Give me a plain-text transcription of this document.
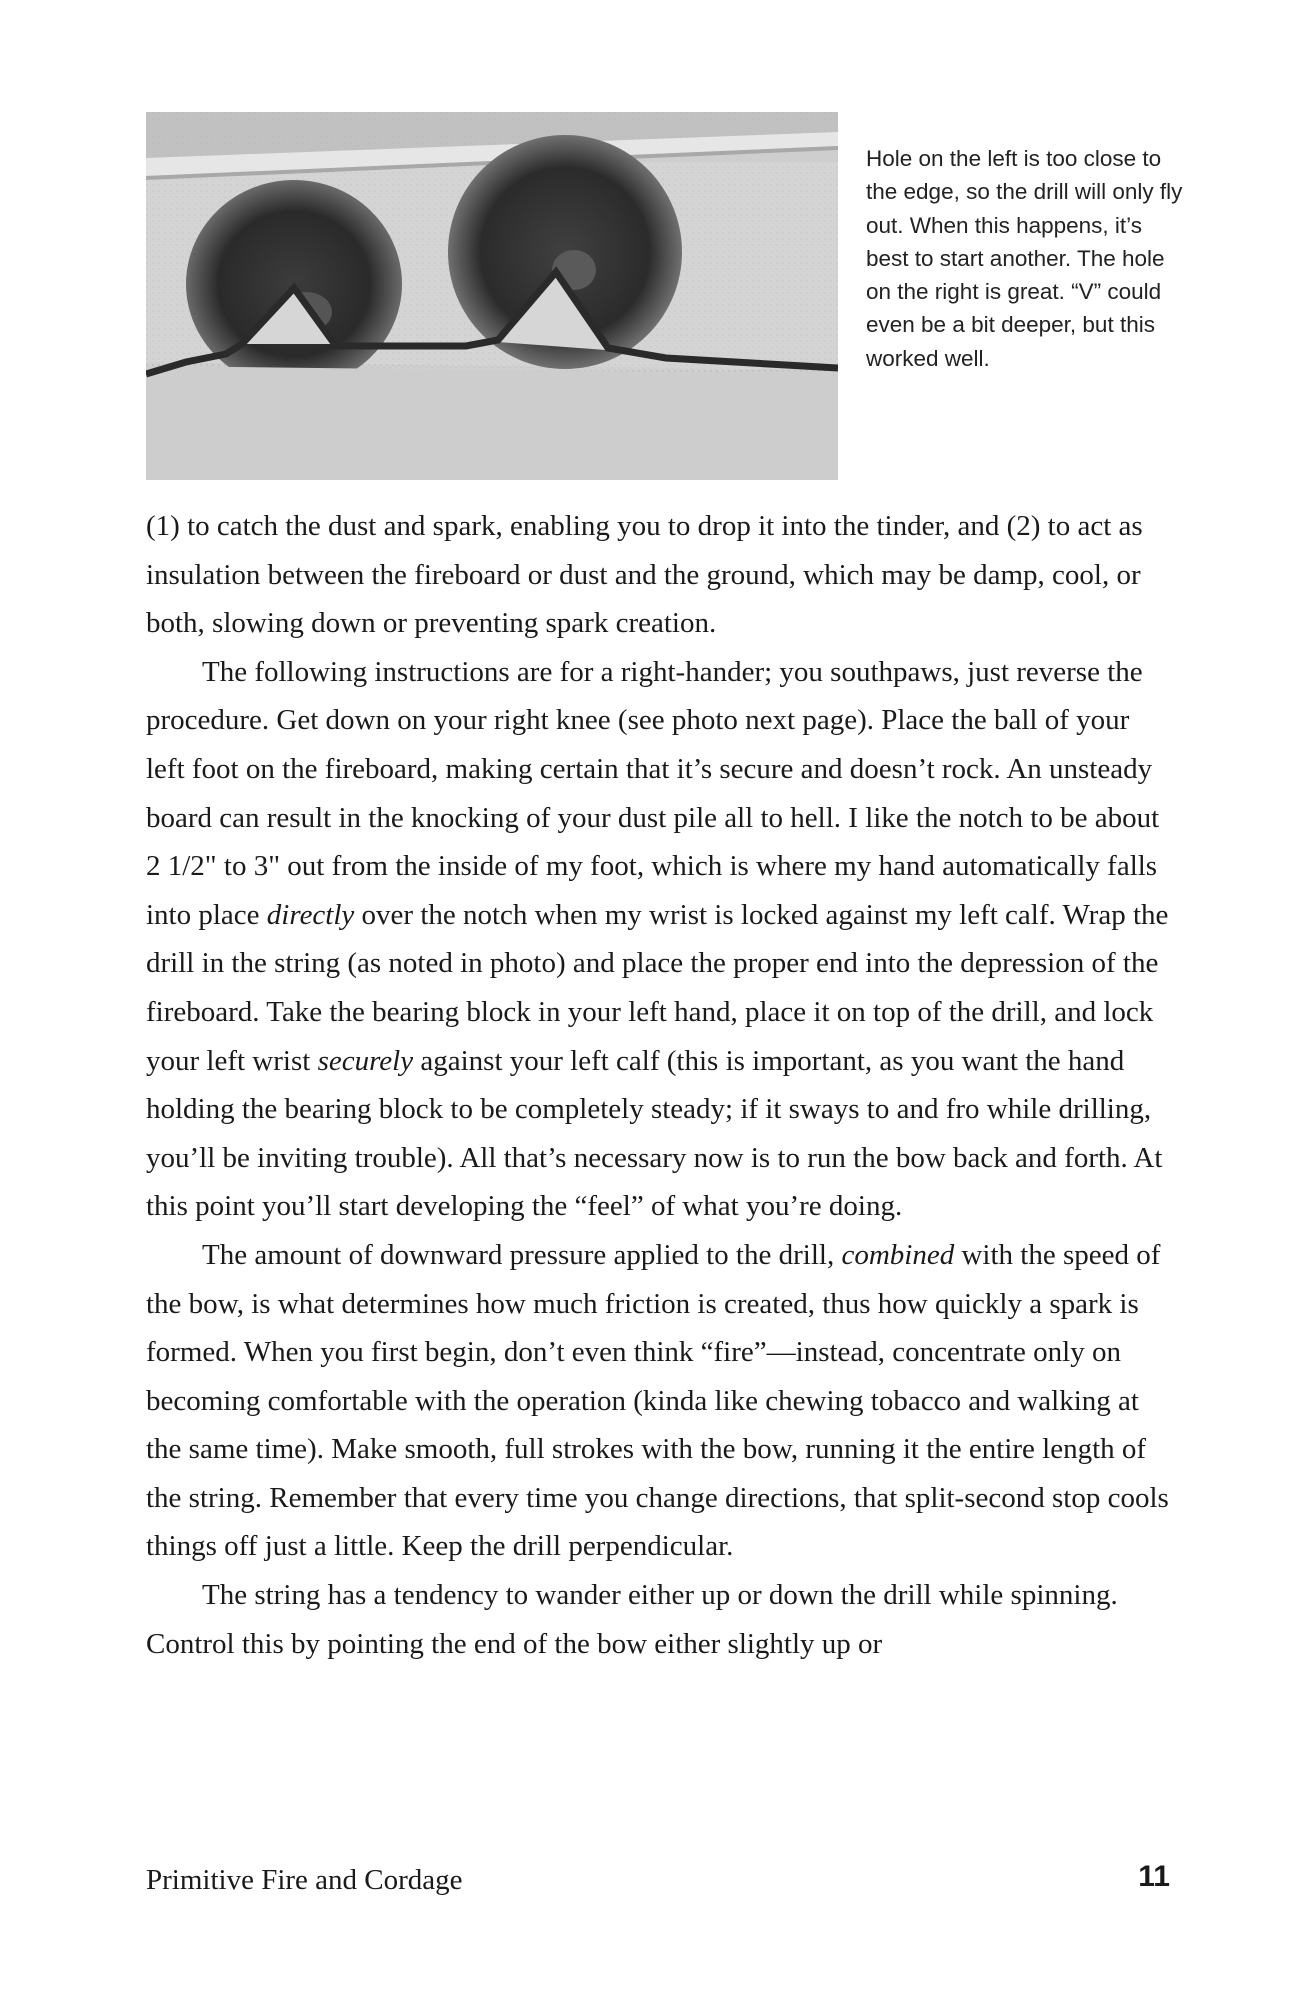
Hole on the left is too close to the edge, so the drill will only fly out. When this happens, it’s best to start another. The hole on the right is great. “V” could even be a bit deeper, but this worked well.

(1) to catch the dust and spark, enabling you to drop it into the tinder, and (2) to act as insulation between the fireboard or dust and the ground, which may be damp, cool, or both, slowing down or preventing spark creation.

The following instructions are for a right-hander; you southpaws, just reverse the procedure. Get down on your right knee (see photo next page). Place the ball of your left foot on the fireboard, making certain that it’s secure and doesn’t rock. An unsteady board can result in the knocking of your dust pile all to hell. I like the notch to be about 2 1/2" to 3" out from the inside of my foot, which is where my hand automatically falls into place directly over the notch when my wrist is locked against my left calf. Wrap the drill in the string (as noted in photo) and place the proper end into the depression of the fireboard. Take the bearing block in your left hand, place it on top of the drill, and lock your left wrist securely against your left calf (this is important, as you want the hand holding the bearing block to be completely steady; if it sways to and fro while drilling, you’ll be inviting trouble). All that’s necessary now is to run the bow back and forth. At this point you’ll start developing the “feel” of what you’re doing.

The amount of downward pressure applied to the drill, combined with the speed of the bow, is what determines how much friction is created, thus how quickly a spark is formed. When you first begin, don’t even think “fire”—instead, concentrate only on becoming comfortable with the operation (kinda like chewing tobacco and walking at the same time). Make smooth, full strokes with the bow, running it the entire length of the string. Remember that every time you change directions, that split-second stop cools things off just a little. Keep the drill perpendicular.

The string has a tendency to wander either up or down the drill while spinning. Control this by pointing the end of the bow either slightly up or

Primitive Fire and Cordage	11
